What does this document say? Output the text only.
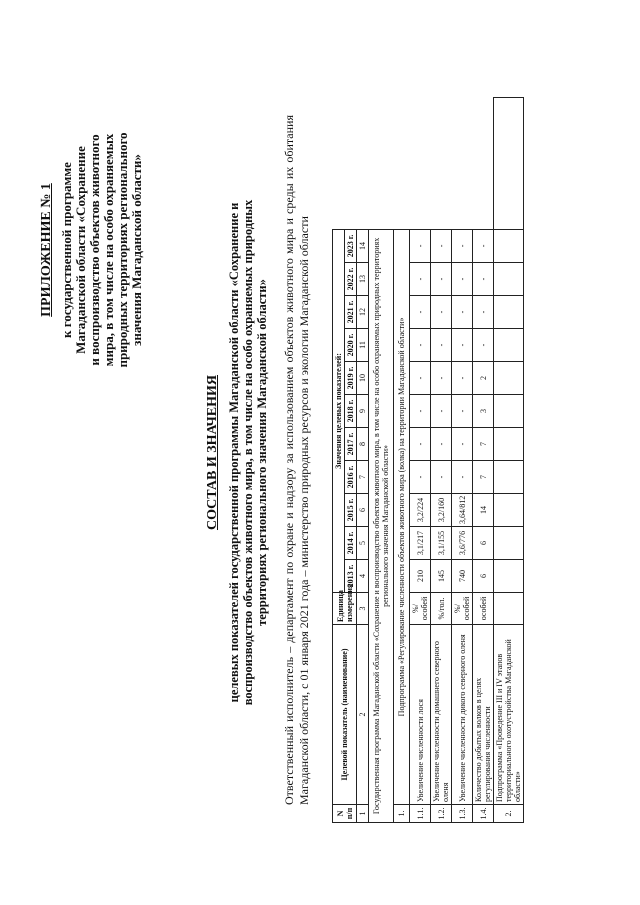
ПРИЛОЖЕНИЕ № 1 к государственной программе Магаданской области «Сохранение и воспроизводство объектов животного мира, в том числе на особо охраняемых природных территориях регионального значения Магаданской области»
СОСТАВ И ЗНАЧЕНИЯ целевых показателей государственной программы Магаданской области «Сохранение и воспроизводство объектов животного мира, в том числе на особо охраняемых природных территориях регионального значения Магаданской области» Ответственный исполнитель – департамент по охране и надзору за использованием объектов животного мира и среды их обитания Магаданской области, с 01 января 2021 года – министерство природных ресурсов и экологии Магаданской области
N п/п	Целевой показатель (наименование)	Единица измерения	Значения целевых показателей:											
			2013 г.	2014 г.	2015 г.	2016 г.	2017 г.	2018 г.	2019 г.	2020 г.	2021 г.	2022 г.	2023 г.	
1	2	3	4	5	6	7	8	9	10	11	12	13	14	
Государственная программа Магаданской области «Сохранение и воспроизводство объектов животного мира, в том числе на особо охраняемых природных территориях регионального значения Магаданской области»														
1.	Подпрограмма «Регулирование численности объектов животного мира (волка) на территории Магаданской области»													
1.1.	Увеличение численности лося	%/особей	210	3,1/217	3,2/224	-	-	-	-	-	-	-	-	
1.2.	Увеличение численности домашнего северного оленя	%/гол.	145	3,1/155	3,2/160	-	-	-	-	-	-	-	-	
1.3.	Увеличение численности дикого северного оленя	%/особей	740	3,6/776	3,64/812	-	-	-	-	-	-	-	-	
1.4.	Количество добытых волков в целях регулирования численности	особей	6	6	14	7	7	3	2	-	-	-	-	
2.	Подпрограмма «Проведение III и IV этапов территориального охотустройства Магаданской области»													
